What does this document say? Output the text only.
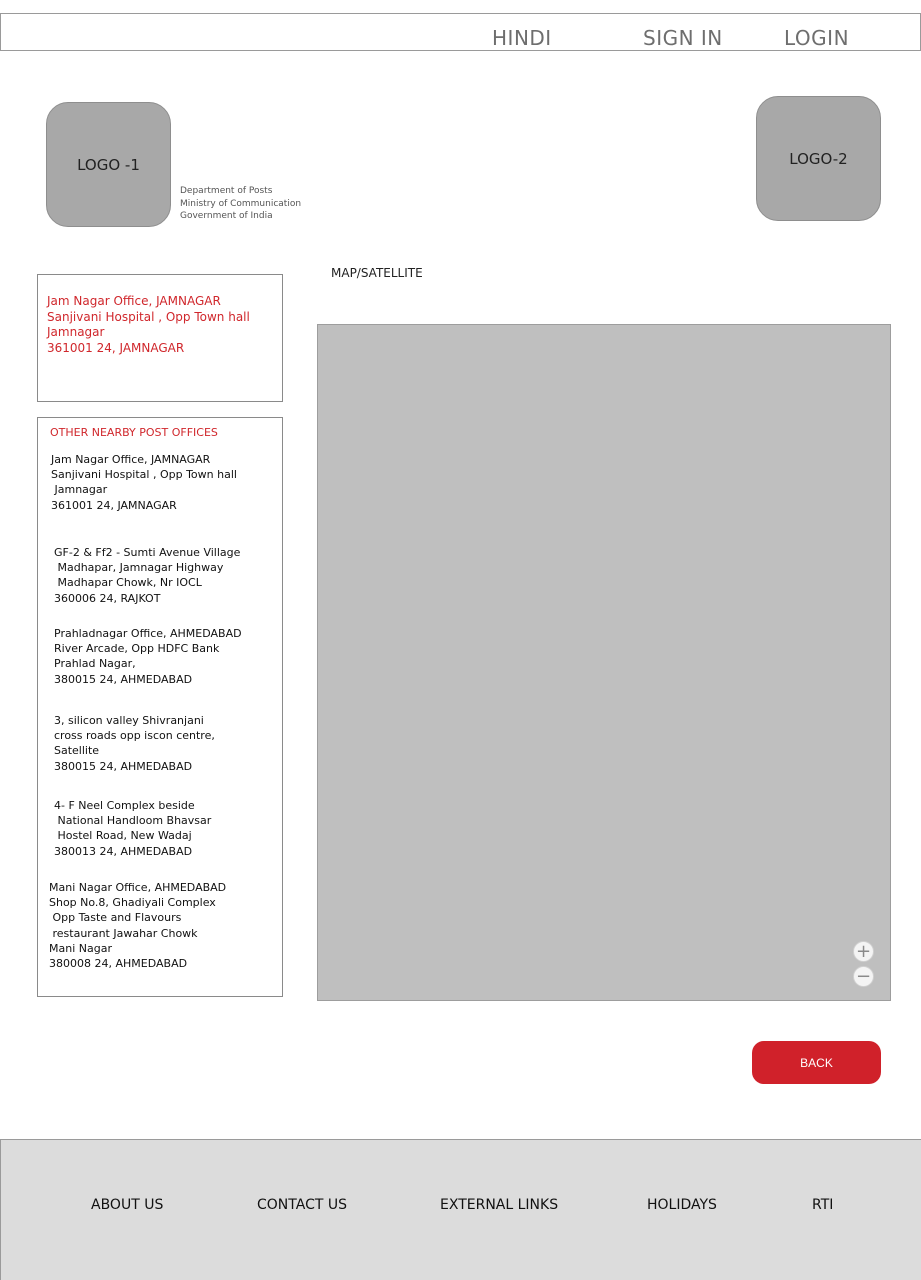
HINDI	SIGN IN	LOGIN
LOGO -1
Department of Posts
Ministry of Communication
Government of India
LOGO-2
MAP/SATELLITE
Jam Nagar Office, JAMNAGAR
Sanjivani Hospital , Opp Town hall
Jamnagar
361001 24, JAMNAGAR
OTHER NEARBY POST OFFICES
Jam Nagar Office, JAMNAGAR
Sanjivani Hospital , Opp Town hall
Jamnagar
361001 24, JAMNAGAR
GF-2 & Ff2 - Sumti Avenue Village
Madhapar, Jamnagar Highway
Madhapar Chowk, Nr IOCL
360006 24, RAJKOT
Prahladnagar Office, AHMEDABAD
River Arcade, Opp HDFC Bank
Prahlad Nagar,
380015 24, AHMEDABAD
3, silicon valley Shivranjani
cross roads opp iscon centre,
Satellite
380015 24, AHMEDABAD
4- F Neel Complex beside
National Handloom Bhavsar
Hostel Road, New Wadaj
380013 24, AHMEDABAD
Mani Nagar Office, AHMEDABAD
Shop No.8, Ghadiyali Complex
Opp Taste and Flavours
restaurant Jawahar Chowk
Mani Nagar
380008 24, AHMEDABAD
+
−
BACK
ABOUT US	CONTACT US	EXTERNAL LINKS	HOLIDAYS	RTI
